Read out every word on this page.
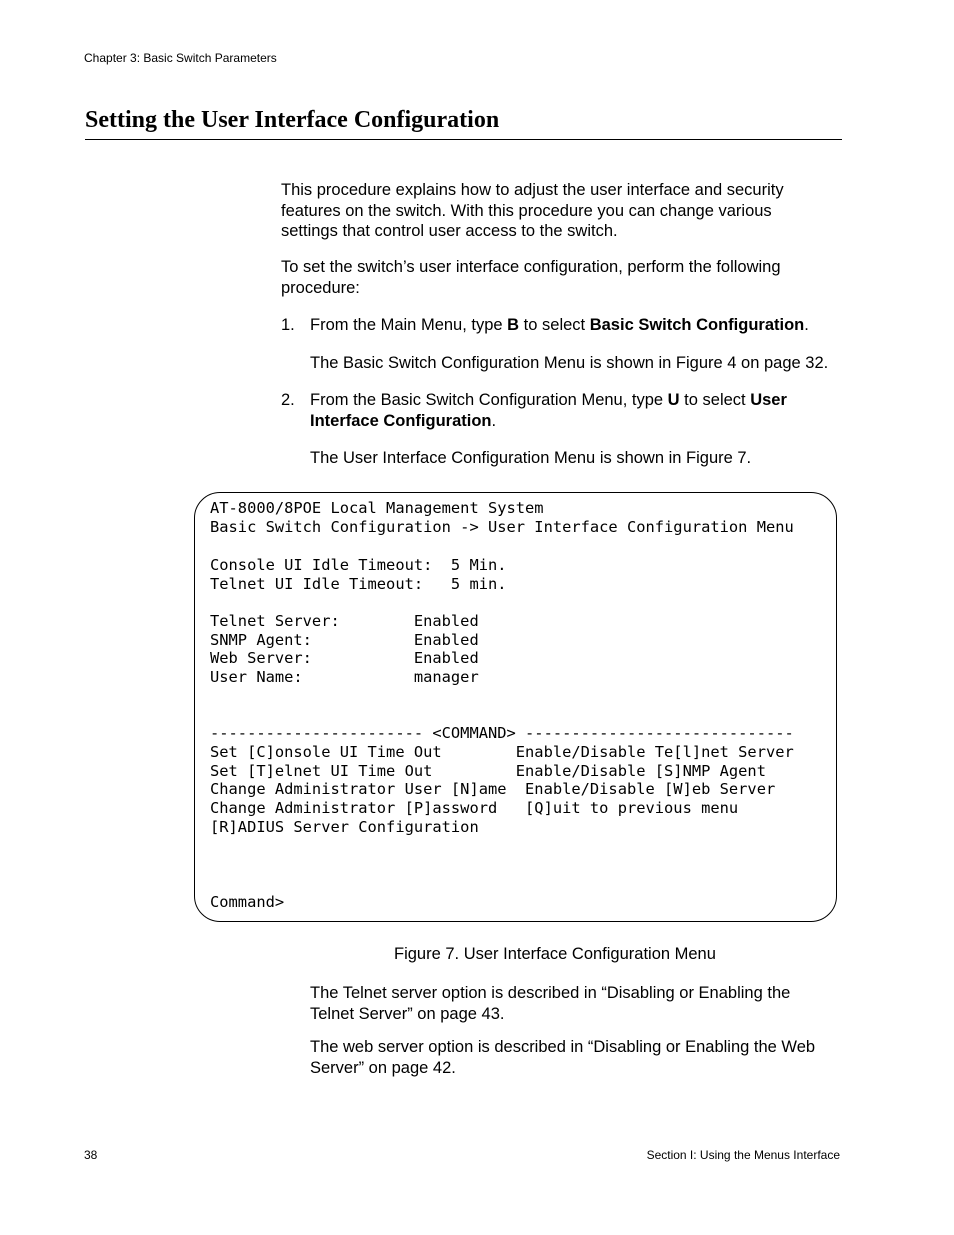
Chapter 3: Basic Switch Parameters
Setting the User Interface Configuration
This procedure explains how to adjust the user interface and security
features on the switch. With this procedure you can change various
settings that control user access to the switch.
To set the switch’s user interface configuration, perform the following
procedure:
1. From the Main Menu, type B to select Basic Switch Configuration.
The Basic Switch Configuration Menu is shown in Figure 4 on page 32.
2. From the Basic Switch Configuration Menu, type U to select User
Interface Configuration.
The User Interface Configuration Menu is shown in Figure 7.
AT-8000/8POE Local Management System
Basic Switch Configuration -> User Interface Configuration Menu
Console UI Idle Timeout:  5 Min.
Telnet UI Idle Timeout:   5 min.
Telnet Server:        Enabled
SNMP Agent:           Enabled
Web Server:           Enabled
User Name:            manager
----------------------- <COMMAND> -----------------------------
Set [C]onsole UI Time Out        Enable/Disable Te[l]net Server
Set [T]elnet UI Time Out         Enable/Disable [S]NMP Agent
Change Administrator User [N]ame  Enable/Disable [W]eb Server
Change Administrator [P]assword   [Q]uit to previous menu
[R]ADIUS Server Configuration
Command>
Figure 7. User Interface Configuration Menu
The Telnet server option is described in “Disabling or Enabling the
Telnet Server” on page 43.
The web server option is described in “Disabling or Enabling the Web
Server” on page 42.
38	Section I: Using the Menus Interface
